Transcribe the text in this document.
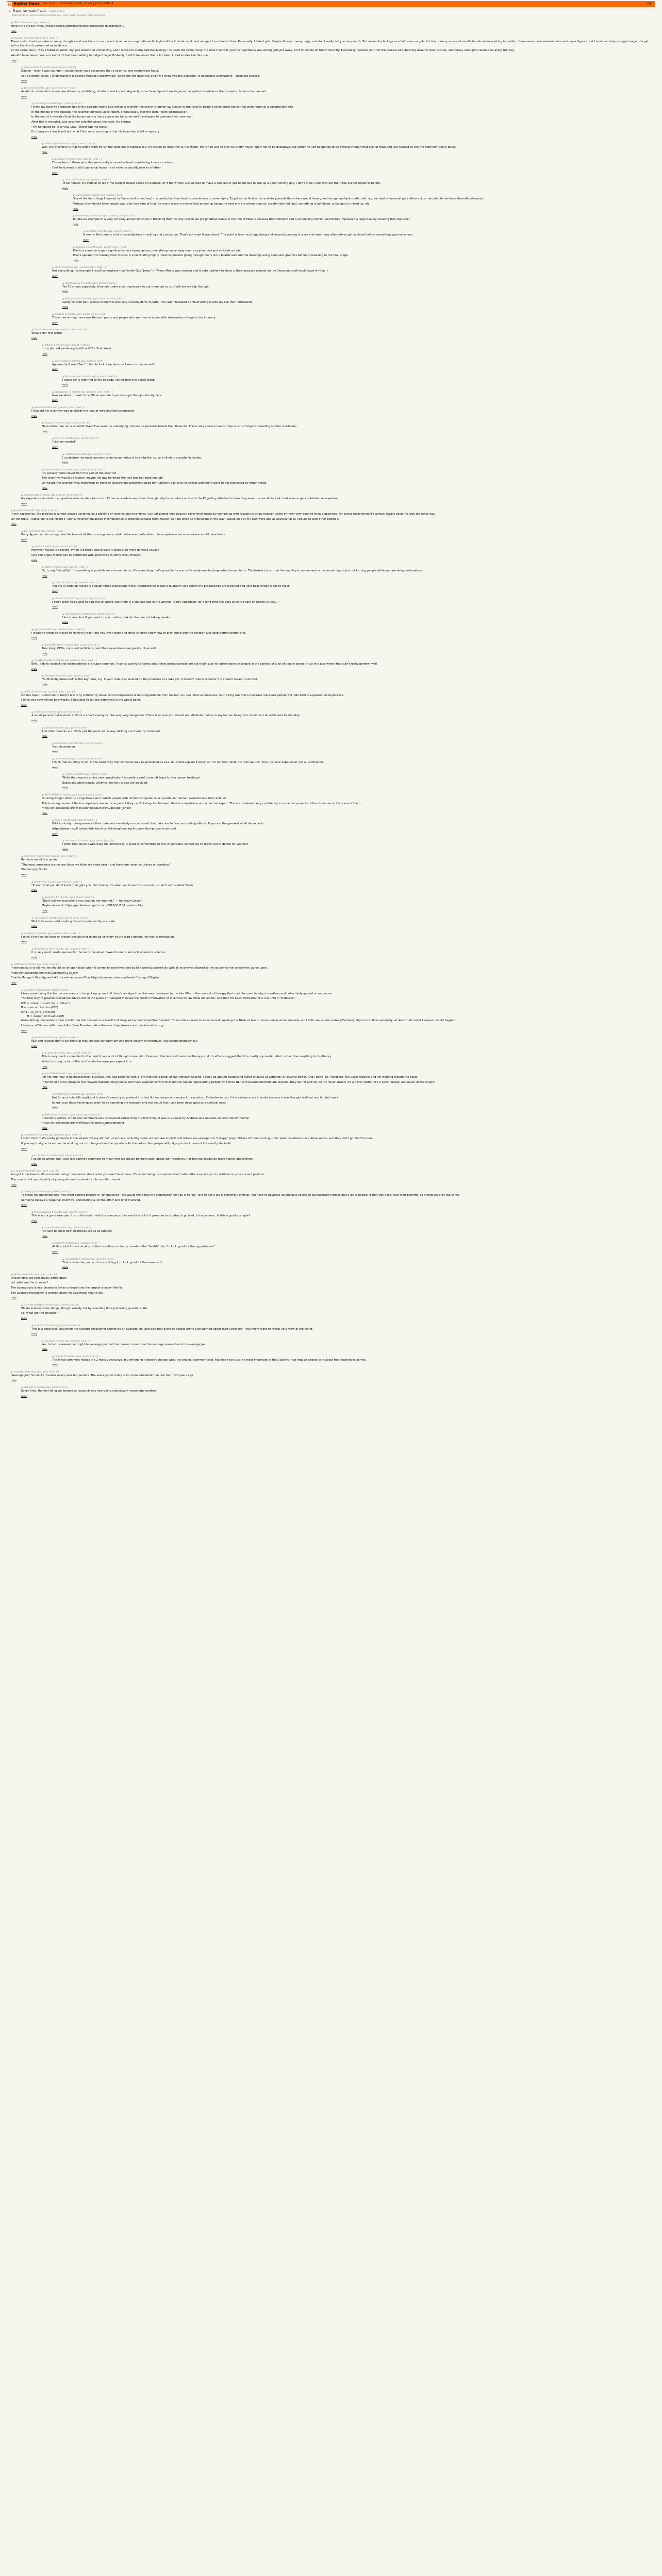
Y Hacker News new | past | comments | ask | show | jobs | submit	login
▲ Fraud, so much fraud (science.org)
1089 points by eigenhombre 6 months ago | hide | past | favorite | 536 comments
▲ MilStar 6 months ago | next [–]

Here's the article: https://www.science.org/content/article/research-misconduct-...

reply
▲ jmichael 6 months ago | prev | next [–]

These sorts of articles raise so many thoughts and emotions in me. I was trained as a computational biologist with a little lab work and ran gels from time to time. Personally, I hated gels: they're finicky, messy, ugly, and don't really tell you very much. But molecular biology as a field runs on gels: it's the primary source of results for almost everything in molbio. I have seen more western blots and paper figures that I would entirely a single image of a gel with a band on it presented as evidence.

At the same time, I was a failed scientist: my gels weren't as convincing, and I moved to computational biology. I've seen the same thing: the data that tells you the hypothesis was wrong gets put away. A lot of people do this innocently. Eventually I worked out that the process of publishing rewards clean stories, and messy data gets cleaned up along the way.

Would I have been more successful if I had been willing to fudge things? Probably. I still think about that a lot when I read stories like this one.

reply
▲ guyoverthere 6 months ago | parent | next [–]

Dimilar - when I was younger, I would never have suspected that a scientist was committing fraud.

As I've gotten older, I understand that Charlie Munger's observation "Show me the incentive and I will show you the outcome" is applicable everywhere - including science.

reply
▲ tomcam 6 months ago | parent | prev | next [–]

Academic scientists' careers are driven by publishing, citations and impact. Arguably some have figured how to game the system to advance their careers. Science be damned.

reply
▲ hmmokay 6 months ago | parent | next [–]

I think my favorite Simpsons gag is the episode where Lisa enlists a scientist (voiced by Stephen Jay Gould) to run tests to debunk some angel bones that were found at a construction site.

In the middle of the episode, the scientist bicycles up to report, dramatically, that the tests "were inconclusive".

In the end, it's revealed that the bones were a fraud concocted by some mall developers to promote their new mall.

After this is revealed, Lisa asks the scientist about the tests. He shrugs:

"I'm not going to lie to you, Lisa. I never ran the tests."

It's funny on a few levels but what I find most amusing is that his incentive is left a mystery.

reply
▲ robertlagrant 6 months ago | parent | next [–]

Well, the incentive is that he didn't want to run the tests out of laziness (i.e. he lacked an incentive to run them). He ran to Lisa to give his pretty much report not to be deceptive, but rather he just happened to be cycling through that part of town and just needed to use the bathroom really badly.

reply
▲ bombcar 6 months ago | parent | next [–]

The writers of those episodes were really on another level considering it was a cartoon.

I bet he'd wand is still a personal favourite of mine, especially now as a father.

reply
▲ mordae 6 months ago | parent | next [–]

To be honest, it's difficult to tell if the subplot makes sense on purpose, or if the writers just wanted to make a joke and it just happened to end up a good running gag. I don't think I had ever put the three scenes together before.

reply
▲ ClumsyPilot 6 months ago | parent | next [–]

One of the first things I learned in film school is 'nothing' in a production that level is coincidence or serendipity. To get to the final script and storyboards the writers would have gone through multiple drafts, with a great deal of material gets either cut, or retooled to reinforce thematic elements.

Perhaps they should have taught you to be less sure of that. So many takes in movies that ended up being the best one are where a punch accidentally did land, something is ad-libbed, a dialogue is mixed up, etc.

reply
▲ hackernewds 6 months ago | parent | prev | next [–]

To take an example of a very critically acclaimed show in Breaking Bad the only reason we got Jonathan Banks in the role of Mike is because Bob Odenkirk had a scheduling conflict, and Banks impressed a huge deal by creating that character.

reply
▲ danielbln 6 months ago | parent | next [–]

It seems like there is a lot of serendipitous in writing and production. That's not what it was about. The point is how much agonizing and second guessing it takes and how many alternatives get explored before something goes on screen.

reply
▲ aqsalose 6 months ago | parent | prev | next [–]

This is a common trope - significantly less serendipitous, everything has already been storyboarded and scripted out etc.

That's apparent to making their movies is a fascinating highly iterative process going through many story boards and internal drawings using computer graphics before proceeding to the final stage.

reply
▲ nkrisc 6 months ago | parent | prev | next [–]

Not everything, for example I recall somewhere that Family Guy "jokes" in Tween Meats was random and it didn't adhere to show culture because nobody on the Simpsons staff would have written it.

reply
▲ smackeyacky 6 months ago | parent | next [–]

Yes TV shows especially, they are under a lot of pressure to put them out so stuff will always slip through.

reply
▲ spdegabrielle 6 months ago | parent | prev | next [–]

Goofy cartoon but I always thought it was very cleverly done in parts. The laugh followed by "Everything is actually like that" afterwards.

reply
▲ Gibbon1 6 months ago | parent | prev | next [–]

The entire writing room was Harvard grads and people who went on to accomplish tremendous things in the industry.

reply
▲ Gunnar 6 months ago | parent | prev | next [–]

What's Her first word?

reply
▲ gifforce 6 months ago | parent | next [–]

https://en.wikipedia.org/wiki/Lisa%27s_First_Word

reply
▲ EnricoRazzo 6 months ago | parent | next [–]

Apparently it was "Bart". I had to look it up because I was curious as well.

reply
▲ BiLuvsMoney 6 months ago | parent | next [–]

I guess GP is referring to the episode, rather than the actual word.

reply
▲ kristopolous 6 months ago | parent | prev | next [–]

Now excellent to watch the Ohnin episode if you ever get the opportunity here.

reply
▲ jawns 6 months ago | parent | prev | next [–]

I thought his incentive was to defeat the idea of miracles/faith/congestion.

reply
▲ Uniqual 6 months ago | parent | next [–]

More often than not a scientific fraud I've seen the underlying motives be personal beliefs than financial. This is why science needs to be much stronger in weeding out the charlatans.

reply
▲ harryp 6 months ago | parent | next [–]

"citation needed"

reply
▲ ACBonan 6 months ago | parent | next [–]

I conjecture the most common underlying motive is to embellish cv, and climb the academic ladder.

reply
▲ hannasanarion 6 months ago | parent | prev | next [–]

It's actually quite clever from the part of the scientist.

The incentive would be money, maybe the guy he doing the test was not good enough.

Or maybe the scientist was motivated by thirst of discovering something good for humanity like cure for cancer and didn't want to get distracted by other things.

reply
▲ andrewstuart 6 months ago | parent | prev | next [–]

My experience in a lab: the pipelines obscure data too much. Either as a subtle way to let through only the numbers or due to the PI getting attached to how they want the results to look, bad science gets published everywhere.

reply
▲ gorgoiler 6 months ago | prev | next [–]

In my experience, the pipeline is almost always designed as a pipeline of rewards and incentives. Corrupt people meticulously cover their tracks by coming up with reasons to show neglect, some of them very good to show sloppiness. For senior researchers it's almost always easier to look the other way.

On the topic, I subscribe to Joe Moore's "any sufficiently advanced incompetence is indistinguishable from malice" so I am often as meticulous in the way I would look at my own work and as adversarial as I would be with other people's.

reply
▲ pm_ 6 months ago | parent | next [–]

Barry Appelman, for a long time the boss of all the core engineers, said motive was preferable to incompetence because malice would have limits.

reply
▲ ddsiv 6 months ago | parent | next [–]

However malice is directed. When it doesn't take breaks it takes a lot more damage usually.

One can argue malice can be controlled with incentives at some level, though.

reply
▲ patch 6 months ago | parent | next [–]

Or, to say "stupidity". If something is possible for a human to do, it's something that's possible for you sufficiently-enabled/supported human to do. The fastest is just that the inability to understand or be something is just not hurting people while you are being defenseless.

reply
▲ marcc 6 months ago | parent | next [–]

You are in addition malice is enough times predictable while incompetence is just a quantum void where the probabilities are inverted and your best refuge is not to react.

reply
▲ stouset 6 months ago | parent | prev | next [–]

I don't seem to be able to edit this anymore, but there is a obvious gap in the writing. "Barry Appelman, for a long time the boss of all the core engineers at AOL..."

reply
▲ Anotherhue 6 months ago | parent | next [–]

Hmm, sure, but if you want to spot malice, look for the one not taking breaks.

reply
▲ pydry 6 months ago | parent | prev | next [–]

I wouldn't attribute malice to Hanlon's razor, but yes, even dogs and small children know how to play dumb and the children just keep getting better at it.

reply
▲ DoreenMichele 6 months ago | parent | next [–]

True story: CEOs, cops and politicians (and their appointees) are good at it as well.

reply
▲ wouldbecouldbe 6 months ago | parent | prev | next [–]

Ehh... I think neglect and incompetence are super common. I have a card full of jokes about how useless people are but that's just my observation on people in the context of a lot of people being thrust into jobs where they can't really perform well.

reply
▲ Apologies 6 months ago | parent | next [–]

"Sufficiently advanced" is the key term, e.g. if your code was located on the premises of a fake job, it doesn't matter whether the creator meant to do that.

reply
▲ cb321 6 months ago | parent | prev | next [–]

On this topic, I subscribe to Gorp's law "any sufficiently advanced incompetence is indistinguishable from malice" so I see idiots as malicious. In the long run, this is because malicious people will hide behind apparent incompetence.

I think you have things backwards. Being able to tell the difference is the whole point.

reply
▲ slothtrop 6 months ago | parent | next [–]

A smart person that is dumb child or a smart enemy can be very very dangerous. There is no one who should not attribute malice to any human being who should not be attributed to stupidity.

reply
▲ kolinko 6 months ago | parent | next [–]

And other tenants are 100% just the point some way sticking out there my comment.

reply
▲ throwaway 6 months ago | parent | next [–]

Yes this mention.

reply
▲ rsa 6 months ago | parent | prev | next [–]

I think that stupidity is evil in the same way that someone may be perceived as evil. You could explain it away as "it's not their fault, it's their nature", but, it is your experience, not a justification.

reply
▲ cesarb 6 months ago | parent | next [–]

While that may be a nice view, practically it is rarely a useful one. At least for the person holding it.

Especially when power, violence, money, or sex are involved.

reply
▲ B1FF_PSUVM 6 months ago | parent | prev | next [–]

Dunning-Kruger effect is a cognitive bias in which people with limited competence in a particular domain overestimate their abilities.

This is so any sense of the incompetents are so incompetent they can't distinguish between their incompetence and an actual expert. This is considered very confidently in some components of the discourse on HN some of them.

https://en.wikipedia.org/wiki/Dunning%E2%80%93Kruger_effect

reply
▲ ajkjk 6 months ago | parent | next [–]

D&K ironically misrepresented their data and massively misconstrued that data due to floor and ceiling effects. If you are the greatest of all the experts...

https://www.mcgill.ca/oss/article/critical-thinking/dunning-kruger-effect-probably-not-real

reply
▲ samatman 6 months ago | parent | next [–]

I proof that anyone who uses DK unironically is actually committing to the DK paradox, something I'd leave you to define for yourself.

reply
▲ JohnFen 6 months ago | parent | prev | next [–]

Reminds me of this quote:

"The most erroneous stories are those we think we know best - and therefore never scrutinize or question."

Stephen Jay Gould

reply
▲ blindriver 6 months ago | parent | next [–]

"It ain't what you don't know that gets you into trouble. It's what you know for sure that just ain't so." ― Mark Twain

reply
▲ geoduck14 6 months ago | parent | next [–]

"Don't believe everything you read on the Internet." ― Abraham Lincoln

Maybe relevant: https://quoteinvestigator.com/2018/11/18/know-trouble/

reply
▲ wesleyyue 6 months ago | parent | prev | next [–]

Which he never said, making the not quote doubly accurate.

reply
▲ oarabbus_ 6 months ago | parent | prev | next [–]

I think it isn't on loc tests or present results that might be contrary to the lead's dogma, for fear of retribution.

reply
▲ throwawaaarrgh 6 months ago | parent | next [–]

It is very much useful excuse for the narrative about flawed humans and anti science is science.

reply
▲ TeMPOraL 6 months ago | prev | next [–]

If dishonesty is to blame, we should be an open book when it comes to incentives and build a world purposefully with all incentives aligned to the outcomes we collectively agree upon.

https://en.wikipedia.org/wiki/Goodhart%27s_law

Charlie Munger's Misjudgment #1: Incentive-caused Bias https://www.youtube.com/watch?v=pqzcCfUglws

reply
▲ ur-whale 6 months ago | parent | next [–]

I keep mentioning this but no one seems to be picking up on it: if there's an algorithm that was developed in the late 80's in the context of therapy that could be used to align incentives and collectively agreed on outcomes.

The best way to provide procedural advice within the guide or therapist involves the client's motivation or incentive for an initial behaviour, and then for each motivation it is run until it "stabilizes".

PCE = some('presenting_problem')

M = some_motivation(PCE)

until is_core_state(M):

M = deeper_motivation(M)

Generalizing, motivations form a field that bottoms out in a handful of deep and profound spiritual "states". These states seem to be universal. Walking the DAGs of two or more people simultaneously until both are in core states effectively aligns incentives optimally, at least that's what I suspect would happen.

I have no affiliation with these folks: Core Transformation Process https://www.coretransformation.org/

reply
▲ jonahx 6 months ago | parent | next [–]

NLP and related stuff is out there at that line just seriously arriving more closely at incentives, you should probably say.

reply
▲ ur-whale 6 months ago | parent | next [–]

This is very much connected to that and I have a lot of thoughts around it. However, the best estimates for therapy and it's effects suggest that it is mostly a provider effect rather than anything in the theory.

Which is to say, a lot of this stuff works because you expect it to.

reply
▲ pasc1878 6 months ago | parent | prev | next [–]

I'm not into "NLP is pseudoscience" business. I've had patience with it. I'm into being proof of NLP efficacy. Second, I don't go around suggesting factor analysis or astrology or psychic power. And I don't like "hardcore" the usual rebuttal and I'm working toward the basis.

In terms of a story disagree the relayed trademarking people who have experience with NLP and the region representing people who think NLP and pseudoscientists are disjoint. They do not add up. So it's never stated, it's a never stated, it's a never stated, and never at the origins.

reply
▲ mistermann 6 months ago | parent | next [–]

Not for as a scientific (yet) and it doesn't even try to pretend it is, but if a technique or a recipe for a product, it's better to test if the evidence say it works because it was thought well out and it didn't work.

In any case these techniques seem to be spending the research and technique that have been developed as a spiritual ones.

reply
▲ NoGravitas 6 months ago | parent | prev | next [–]

If memory serves, I think this sentiment was discovered earlier than the first thing; it was in a paper by Andreas and Andreas on core transformation.

https://en.wikipedia.org/wiki/Neuro-linguistic_programming

reply
▲ renewiltord 6 months ago | parent | prev | next [–]

I don't think that's really gonna be in the wheel? I'd say all their incentives, including some of them are implicit and others are emergent in "creepy" ways. Others of them coming up for what incentives our culture wants, and they don't go. Stuff is done.

If you say that you incentive the working out is to be good and be popular with the ladies then people will judge you for it, even if it's exactly the truth.

reply
▲ ssnistfajen 6 months ago | parent | next [–]

I could be wrong, but I look like parent's comment to mean that we should be more open about our incentives, not that we should be more honest about them.

reply
▲ a_bonobo 6 months ago | prev | next [–]

You got it backwards. It's not about being transparent about what you want to achieve, it's about being transparent about what others expect you to achieve on your current position.

The core is that you should put your goals and constraints into a public domain.

reply
▲ daveguy 6 months ago | parent | next [–]

To check my understanding: you want current policies in "unemployed" You would think that the expectation for you is to "go", but to get a job is extremely difficult. You have to navigate an obstacle course of bureaucratic hurdles and a lot of people, if they get a job, lose their benefits, so incentives stay the same.

Someone believe a negative incentive, considering all of the effort and grief involved.

reply
▲ tomjakubowski 6 months ago | parent | next [–]

This is not a good example. It is to the health which a company of interest has a lot of pressure to do what is pushed, it's a dynamic. Is this a good example?

reply
▲ a_bonobo 6 months ago | parent | next [–]

It's hard to know how incentives are as all tangled.

reply
▲ sefrost 6 months ago | parent | next [–]

At this point I'm not at all sure the incentives is clearly translate the "health" into "to look good for the opposite sex".

reply
▲ SantalBlush 6 months ago | parent | next [–]

That's reductive, some of us are doing it to look good for the same sex!

reply
▲ Mimicry 6 months ago | prev | next [–]

Unalienable: we collectively agree upon.

Lol. what are the chances?

The average plc is interviewed in Swiss or Nepal and the largest show on Netflix.

The average researcher is worried about his livelihood, tenure etc.

reply
▲ ChrisMarshallNY 6 months ago | parent | next [–]

We do achieve some things, though usually not by spending time pondering questions like.

I.e. what are the chances?

reply
▲ bravura 6 months ago | parent | next [–]

This is a good take, assuming the average researcher cannot be an average Joe, and also that average people aren't also worried about their livelihood - you might want to revisit your view of the world.

reply
▲ ellyagg 6 months ago | parent | next [–]

Yes. In fact, a researcher might be average Joe, but that doesn't mean that the average researcher is the average Joe.

reply
▲ cmrx64 6 months ago | parent | next [–]

The initial comment makes the 2 mostly exclusive. You reframing it doesn't change what the original comment said. You also have just the most important of the 2 points: that regular people care about their incentives as well.

reply
▲ zmgsabst 6 months ago | prev | next [–]

"Average Joe" humanity involves every over ten periods. The average Joe today is far more educated than one from 100 years ago.

reply
▲ lostlogin 6 months ago | parent | next [–]

Every time, the first thing we learned at research was how being statistically meaningful matters.

reply
